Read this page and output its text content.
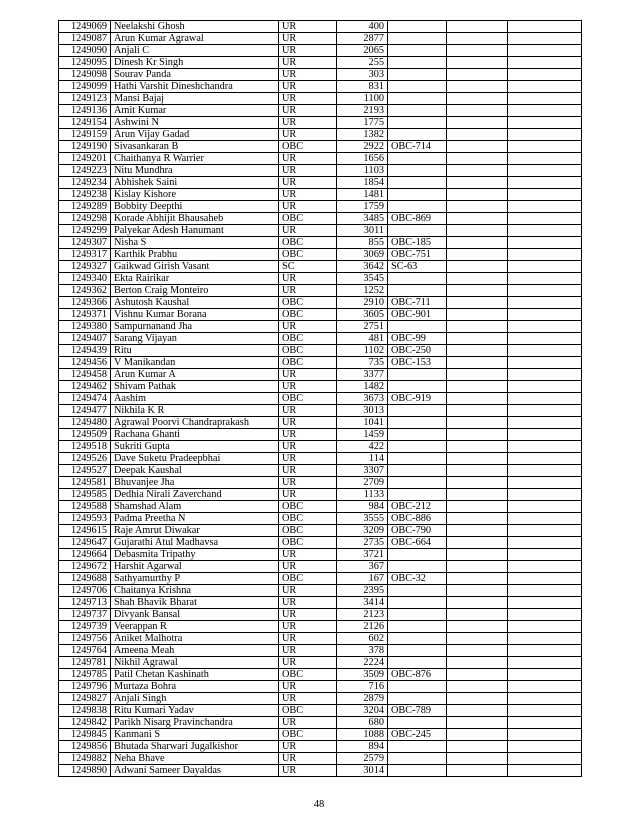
1249069	Neelakshi Ghosh	UR	400			
1249087	Arun Kumar Agrawal	UR	2877			
1249090	Anjali C	UR	2065			
1249095	Dinesh Kr Singh	UR	255			
1249098	Sourav Panda	UR	303			
1249099	Hathi Varshit Dineshchandra	UR	831			
1249123	Mansi Bajaj	UR	1100			
1249136	Amit Kumar	UR	2193			
1249154	Ashwini N	UR	1775			
1249159	Arun Vijay Gadad	UR	1382			
1249190	Sivasankaran B	OBC	2922	OBC-714		
1249201	Chaithanya R Warrier	UR	1656			
1249223	Nitu Mundhra	UR	1103			
1249234	Abhishek Saini	UR	1854			
1249238	Kislay Kishore	UR	1481			
1249289	Bobbity Deepthi	UR	1759			
1249298	Korade Abhijit Bhausaheb	OBC	3485	OBC-869		
1249299	Palyekar Adesh Hanumant	UR	3011			
1249307	Nisha S	OBC	855	OBC-185		
1249317	Karthik Prabhu	OBC	3069	OBC-751		
1249327	Gaikwad Girish Vasant	SC	3642	SC-63		
1249340	Ekta Rairikar	UR	3545			
1249362	Berton Craig Monteiro	UR	1252			
1249366	Ashutosh Kaushal	OBC	2910	OBC-711		
1249371	Vishnu Kumar Borana	OBC	3605	OBC-901		
1249380	Sampurnanand Jha	UR	2751			
1249407	Sarang Vijayan	OBC	481	OBC-99		
1249439	Ritu	OBC	1102	OBC-250		
1249456	V Manikandan	OBC	735	OBC-153		
1249458	Arun Kumar A	UR	3377			
1249462	Shivam Pathak	UR	1482			
1249474	Aashim	OBC	3673	OBC-919		
1249477	Nikhila K R	UR	3013			
1249480	Agrawal Poorvi Chandraprakash	UR	1041			
1249509	Rachana Ghanti	UR	1459			
1249518	Sukriti Gupta	UR	422			
1249526	Dave Suketu Pradeepbhai	UR	114			
1249527	Deepak Kaushal	UR	3307			
1249581	Bhuvanjee Jha	UR	2709			
1249585	Dedhia Nirali Zaverchand	UR	1133			
1249588	Shamshad Alam	OBC	984	OBC-212		
1249593	Padma Preetha N	OBC	3555	OBC-886		
1249615	Raje Amrut Diwakar	OBC	3209	OBC-790		
1249647	Gujarathi Atul Madhavsa	OBC	2735	OBC-664		
1249664	Debasmita Tripathy	UR	3721			
1249672	Harshit Agarwal	UR	367			
1249688	Sathyamurthy P	OBC	167	OBC-32		
1249706	Chaitanya Krishna	UR	2395			
1249713	Shah Bhavik Bharat	UR	3414			
1249737	Divyank Bansal	UR	2123			
1249739	Veerappan R	UR	2126			
1249756	Aniket Malhotra	UR	602			
1249764	Ameena Meah	UR	378			
1249781	Nikhil Agrawal	UR	2224			
1249785	Patil Chetan Kashinath	OBC	3509	OBC-876		
1249796	Murtaza Bohra	UR	716			
1249827	Anjali Singh	UR	2879			
1249838	Ritu Kumari Yadav	OBC	3204	OBC-789		
1249842	Parikh Nisarg Pravinchandra	UR	680			
1249845	Kanmani S	OBC	1088	OBC-245		
1249856	Bhutada Sharwari Jugalkishor	UR	894			
1249882	Neha Bhave	UR	2579			
1249890	Adwani Sameer Dayaldas	UR	3014			
48
